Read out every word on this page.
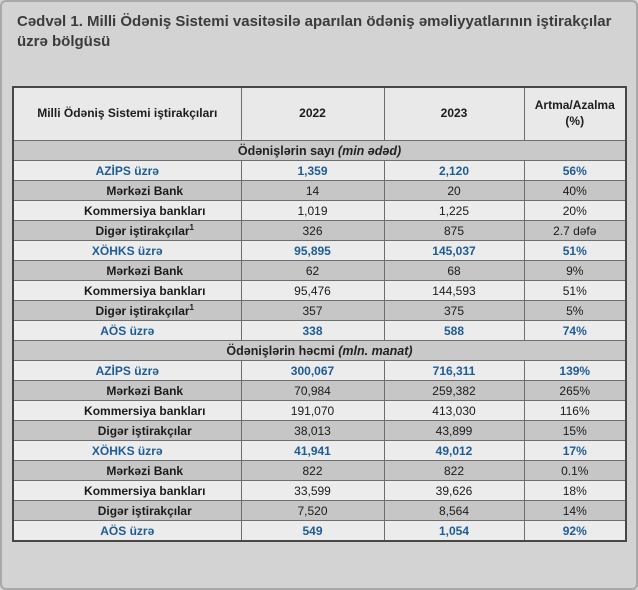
Cədvəl 1. Milli Ödəniş Sistemi vasitəsilə aparılan ödəniş əməliyyatlarının iştirakçılar üzrə bölgüsü
Milli Ödəniş Sistemi iştirakçıları	2022	2023	Artma/Azalma (%)
Ödənişlərin sayı (min ədəd)			
AZİPS üzrə	1,359	2,120	56%
Mərkəzi Bank	14	20	40%
Kommersiya bankları	1,019	1,225	20%
Digər iştirakçılar$^1$	326	875	2.7 dəfə
XÖHKS üzrə	95,895	145,037	51%
Mərkəzi Bank	62	68	9%
Kommersiya bankları	95,476	144,593	51%
Digər iştirakçılar$^1$	357	375	5%
AÖS üzrə	338	588	74%
Ödənişlərin həcmi (mln. manat)			
AZİPS üzrə	300,067	716,311	139%
Mərkəzi Bank	70,984	259,382	265%
Kommersiya bankları	191,070	413,030	116%
Digər iştirakçılar	38,013	43,899	15%
XÖHKS üzrə	41,941	49,012	17%
Mərkəzi Bank	822	822	0.1%
Kommersiya bankları	33,599	39,626	18%
Digər iştirakçılar	7,520	8,564	14%
AÖS üzrə	549	1,054	92%
